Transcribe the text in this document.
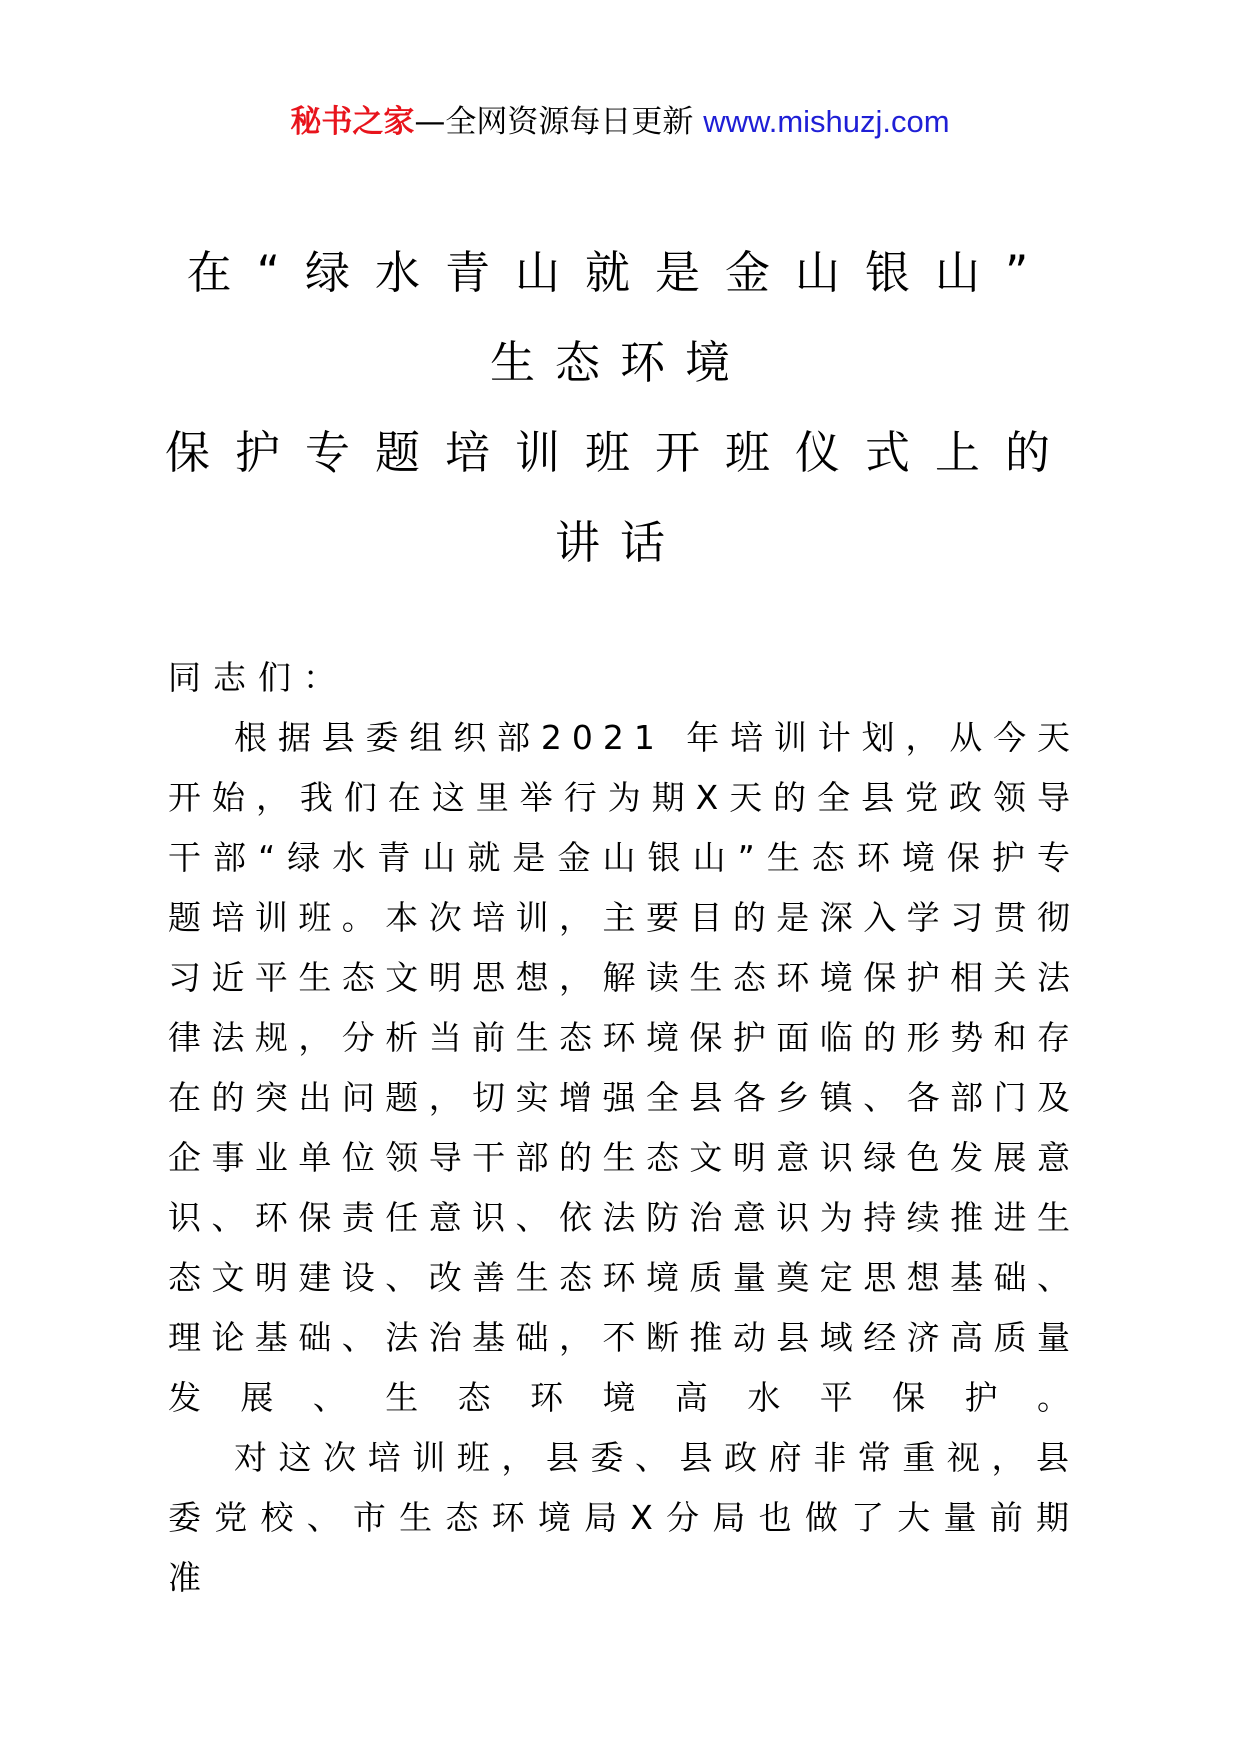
秘书之家—全网资源每日更新 www.mishuzj.com
在“绿水青山就是金山银山”
生态环境
保护专题培训班开班仪式上的
讲话

同志们：

根据县委组织部2021 年培训计划，从今天开始，我们在这里举行为期X天的全县党政领导干部“绿水青山就是金山银山”生态环境保护专题培训班。本次培训，主要目的是深入学习贯彻习近平生态文明思想，解读生态环境保护相关法律法规，分析当前生态环境保护面临的形势和存在的突出问题，切实增强全县各乡镇、各部门及企事业单位领导干部的生态文明意识绿色发展意识、环保责任意识、依法防治意识为持续推进生态文明建设、改善生态环境质量奠定思想基础、理论基础、法治基础，不断推动县域经济高质量发展、生态环境高水平保护。

对这次培训班，县委、县政府非常重视，县委党校、市生态环境局X分局也做了大量前期准
